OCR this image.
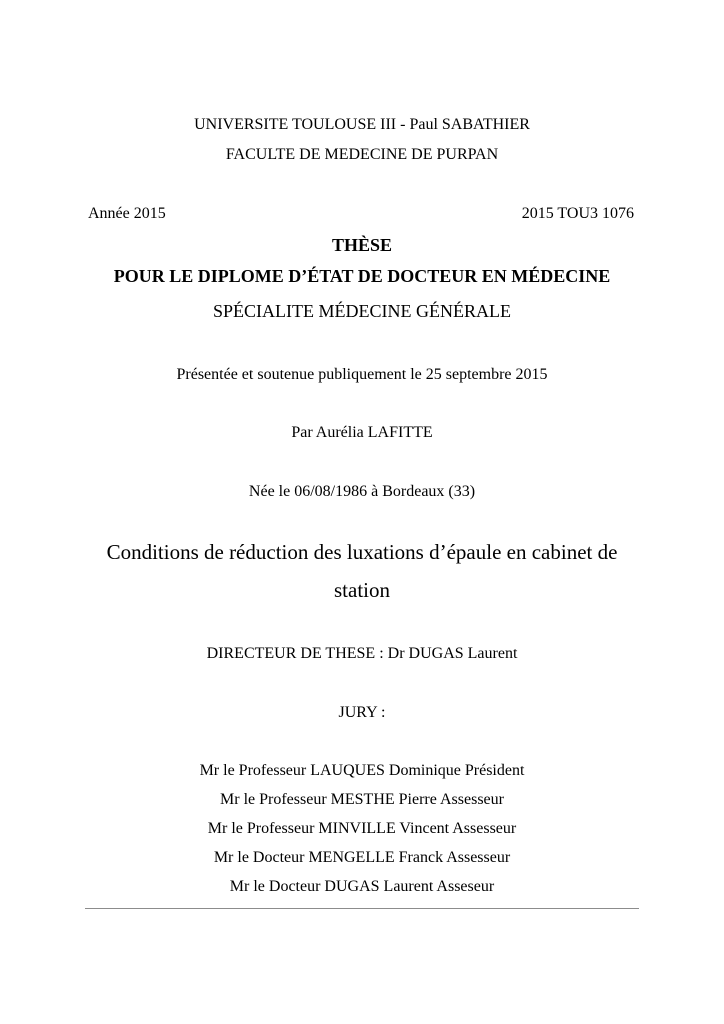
UNIVERSITE TOULOUSE III - Paul SABATHIER
FACULTE DE MEDECINE DE PURPAN
Année 2015	2015 TOU3 1076
THÈSE
POUR LE DIPLOME D’ÉTAT DE DOCTEUR EN MÉDECINE
SPÉCIALITE MÉDECINE GÉNÉRALE
Présentée et soutenue publiquement le 25 septembre 2015
Par Aurélia LAFITTE
Née le 06/08/1986 à Bordeaux (33)
Conditions de réduction des luxations d’épaule en cabinet de
station
DIRECTEUR DE THESE : Dr DUGAS Laurent
JURY :
Mr le Professeur LAUQUES Dominique Président
Mr le Professeur MESTHE Pierre Assesseur
Mr le Professeur MINVILLE Vincent Assesseur
Mr le Docteur MENGELLE Franck Assesseur
Mr le Docteur DUGAS Laurent Asseseur
